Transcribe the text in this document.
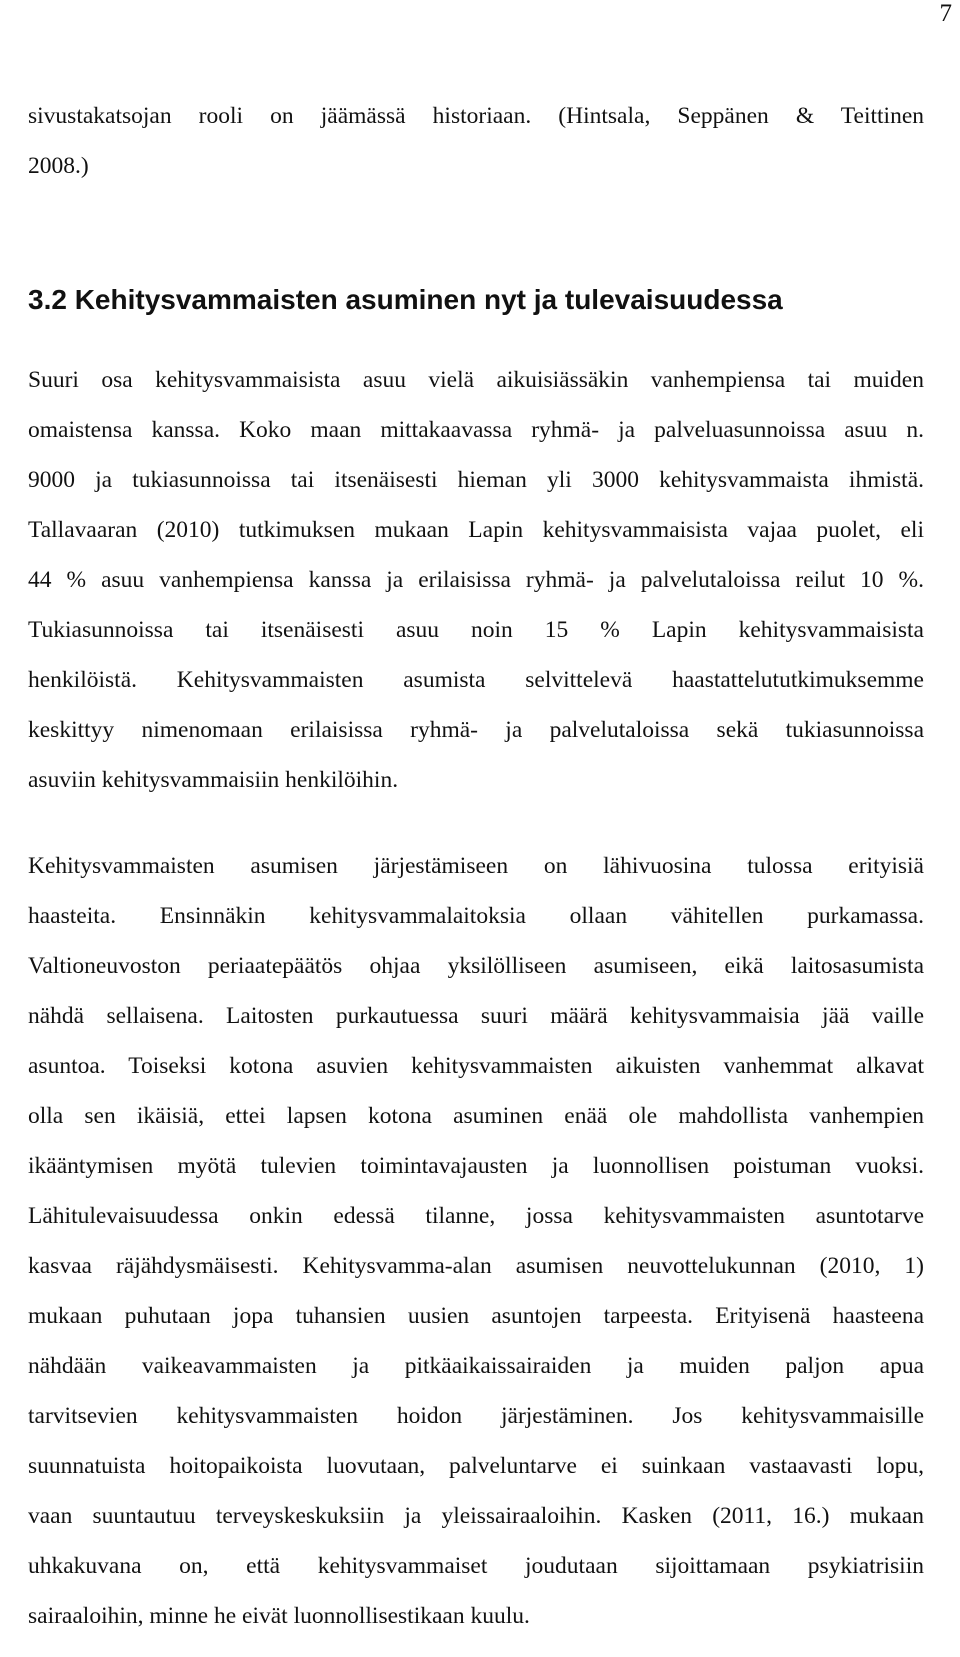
7
sivustakatsojan rooli on jäämässä historiaan. (Hintsala, Seppänen & Teittinen
2008.)
3.2 Kehitysvammaisten asuminen nyt ja tulevaisuudessa
Suuri osa kehitysvammaisista asuu vielä aikuisiässäkin vanhempiensa tai muiden
omaistensa kanssa. Koko maan mittakaavassa ryhmä- ja palveluasunnoissa asuu n.
9000 ja tukiasunnoissa tai itsenäisesti hieman yli 3000 kehitysvammaista ihmistä.
Tallavaaran (2010) tutkimuksen mukaan Lapin kehitysvammaisista vajaa puolet, eli
44 % asuu vanhempiensa kanssa ja erilaisissa ryhmä- ja palvelutaloissa reilut 10 %.
Tukiasunnoissa tai itsenäisesti asuu noin 15 % Lapin kehitysvammaisista
henkilöistä. Kehitysvammaisten asumista selvittelevä haastattelututkimuksemme
keskittyy nimenomaan erilaisissa ryhmä- ja palvelutaloissa sekä tukiasunnoissa
asuviin kehitysvammaisiin henkilöihin.
Kehitysvammaisten asumisen järjestämiseen on lähivuosina tulossa erityisiä
haasteita. Ensinnäkin kehitysvammalaitoksia ollaan vähitellen purkamassa.
Valtioneuvoston periaatepäätös ohjaa yksilölliseen asumiseen, eikä laitosasumista
nähdä sellaisena. Laitosten purkautuessa suuri määrä kehitysvammaisia jää vaille
asuntoa. Toiseksi kotona asuvien kehitysvammaisten aikuisten vanhemmat alkavat
olla sen ikäisiä, ettei lapsen kotona asuminen enää ole mahdollista vanhempien
ikääntymisen myötä tulevien toimintavajausten ja luonnollisen poistuman vuoksi.
Lähitulevaisuudessa onkin edessä tilanne, jossa kehitysvammaisten asuntotarve
kasvaa räjähdysmäisesti. Kehitysvamma-alan asumisen neuvottelukunnan (2010, 1)
mukaan puhutaan jopa tuhansien uusien asuntojen tarpeesta. Erityisenä haasteena
nähdään vaikeavammaisten ja pitkäaikaissairaiden ja muiden paljon apua
tarvitsevien kehitysvammaisten hoidon järjestäminen. Jos kehitysvammaisille
suunnatuista hoitopaikoista luovutaan, palveluntarve ei suinkaan vastaavasti lopu,
vaan suuntautuu terveyskeskuksiin ja yleissairaaloihin. Kasken (2011, 16.) mukaan
uhkakuvana on, että kehitysvammaiset joudutaan sijoittamaan psykiatrisiin
sairaaloihin, minne he eivät luonnollisestikaan kuulu.
